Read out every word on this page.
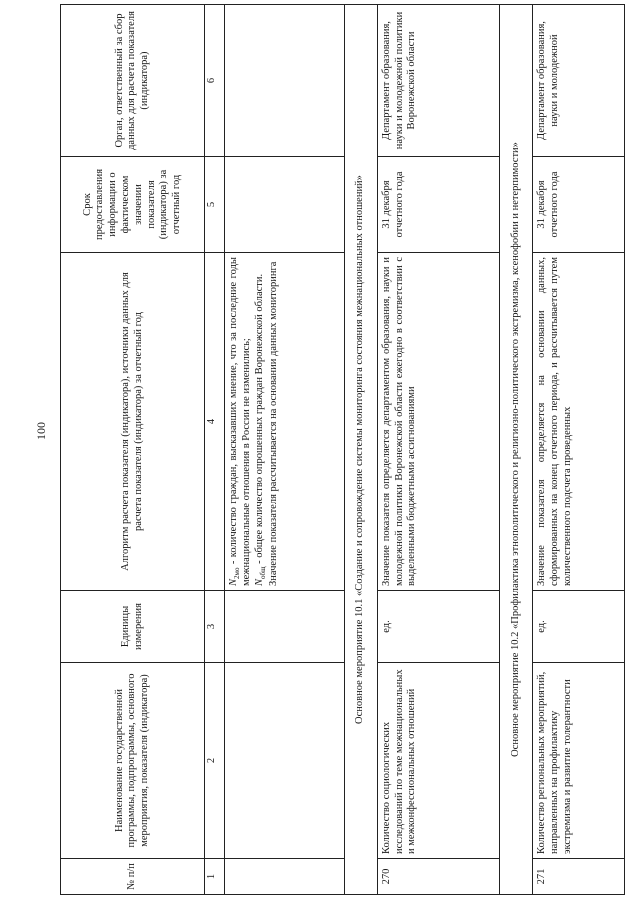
100
№ п/п	Наименование государственной программы, подпрограммы, основного мероприятия, показателя (индикатора)	Единицы измерения	Алгоритм расчета показателя (индикатора), источники данных для расчета показателя (индикатора) за отчетный год	Срок предоставления информации о фактическом значении показателя (индикатора) за отчетный год	Орган, ответственный за сбор данных для расчета показателя (индикатора)
1	2	3	4	5	6

			$N_{2мо}$ - количество граждан, высказавших мнение, что за последние годы межнациональные отношения в России не изменились; $N_{общ}$ - общее количество опрошенных граждан Воронежской области. Значение показателя рассчитывается на основании данных мониторинга		

Основное мероприятие 10.1 «Создание и сопровождение системы мониторинга состояния межнациональных отношений»					
270	Количество социологических исследований по теме межнациональных и межконфессиональных отношений	ед.	Значение показателя определяется департаментом образования, науки и молодежной политики Воронежской области ежегодно в соответствии с выделенными бюджетными ассигнованиями	31 декабря отчетного года	Департамент образования, науки и молодежной политики Воронежской области
Основное мероприятие 10.2 «Профилактика этнополитического и религиозно-политического экстремизма, ксенофобии и нетерпимости»					
271	Количество региональных мероприятий, направленных на профилактику экстремизма и развитие толерантности	ед.	Значение показателя определяется на основании данных, сформированных на конец отчетного периода, и рассчитывается путем количественного подсчета проведенных	31 декабря отчетного года	Департамент образования, науки и молодежной
